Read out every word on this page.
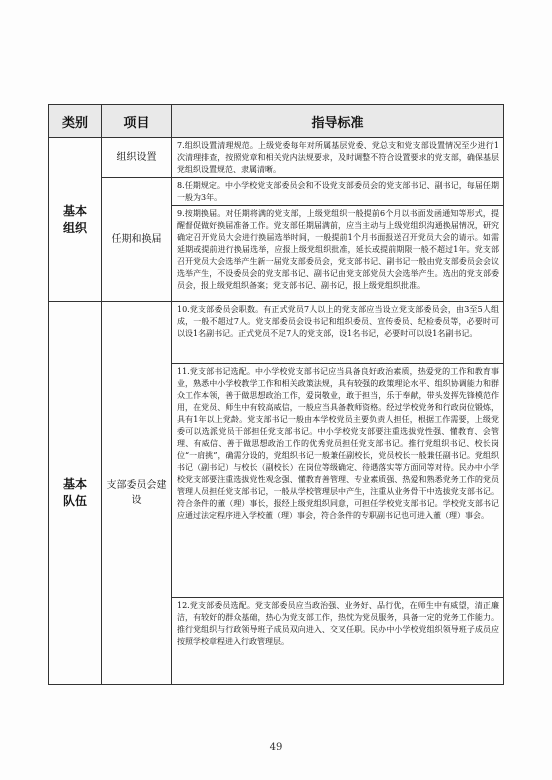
类别	项目	指导标准
基本
组织	组织设置	7.组织设置清理规范。上级党委每年对所属基层党委、党总支和党支部设置情况至少进行1次清理排查，按照党章和相关党内法规要求，及时调整不符合设置要求的党支部，确保基层党组织设置规范、隶属清晰。
	任期和换届	8.任期规定。中小学校党支部委员会和不设党支部委员会的党支部书记、副书记，每届任期一般为3年。
		9.按期换届。对任期将满的党支部，上级党组织一般提前6个月以书面发函通知等形式，提醒督促做好换届准备工作。党支部任期届满前，应当主动与上级党组织沟通换届情况，研究确定召开党员大会进行换届选举时间，一般提前1个月书面报送召开党员大会的请示。如需延期或提前进行换届选举，应报上级党组织批准，延长或提前期限一般不超过1年。党支部召开党员大会选举产生新一届党支部委员会，党支部书记、副书记一般由党支部委员会会议选举产生，不设委员会的党支部书记、副书记由党支部党员大会选举产生。选出的党支部委员会，报上级党组织备案；党支部书记、副书记，报上级党组织批准。
基本
队伍	支部委员会建设	10.党支部委员会职数。有正式党员7人以上的党支部应当设立党支部委员会，由3至5人组成，一般不超过7人。党支部委员会设书记和组织委员、宣传委员、纪检委员等，必要时可以设1名副书记。正式党员不足7人的党支部，设1名书记，必要时可以设1名副书记。
		11.党支部书记选配。中小学校党支部书记应当具备良好政治素质，热爱党的工作和教育事业，熟悉中小学校教学工作和相关政策法规，具有较强的政策理论水平、组织协调能力和群众工作本领，善于做思想政治工作，爱岗敬业，敢于担当，乐于奉献，带头发挥先锋模范作用，在党员、师生中有较高威信，一般应当具备教师资格。经过学校党务和行政岗位锻炼，具有1年以上党龄。党支部书记一般由本学校党员主要负责人担任，根据工作需要，上级党委可以选派党员干部担任党支部书记。中小学校党支部要注重选拔党性强、懂教育、会管理、有威信、善于做思想政治工作的优秀党员担任党支部书记。推行党组织书记、校长岗位“一肩挑”，确需分设的，党组织书记一般兼任副校长，党员校长一般兼任副书记。党组织书记（副书记）与校长（副校长）在岗位等级确定、待遇落实等方面同等对待。民办中小学校党支部要注重选拔党性观念强、懂教育善管理、专业素质强、热爱和熟悉党务工作的党员管理人员担任党支部书记，一般从学校管理层中产生，注重从业务骨干中选拔党支部书记。符合条件的董（理）事长，报经上级党组织同意，可担任学校党支部书记。学校党支部书记应通过法定程序进入学校董（理）事会，符合条件的专职副书记也可进入董（理）事会。
		12.党支部委员选配。党支部委员应当政治强、业务好、品行优，在师生中有威望，清正廉洁，有较好的群众基础，热心为党支部工作，热忱为党员服务，具备一定的党务工作能力。推行党组织与行政领导班子成员双向进入、交叉任职。民办中小学校党组织领导班子成员应按照学校章程进入行政管理层。
49
